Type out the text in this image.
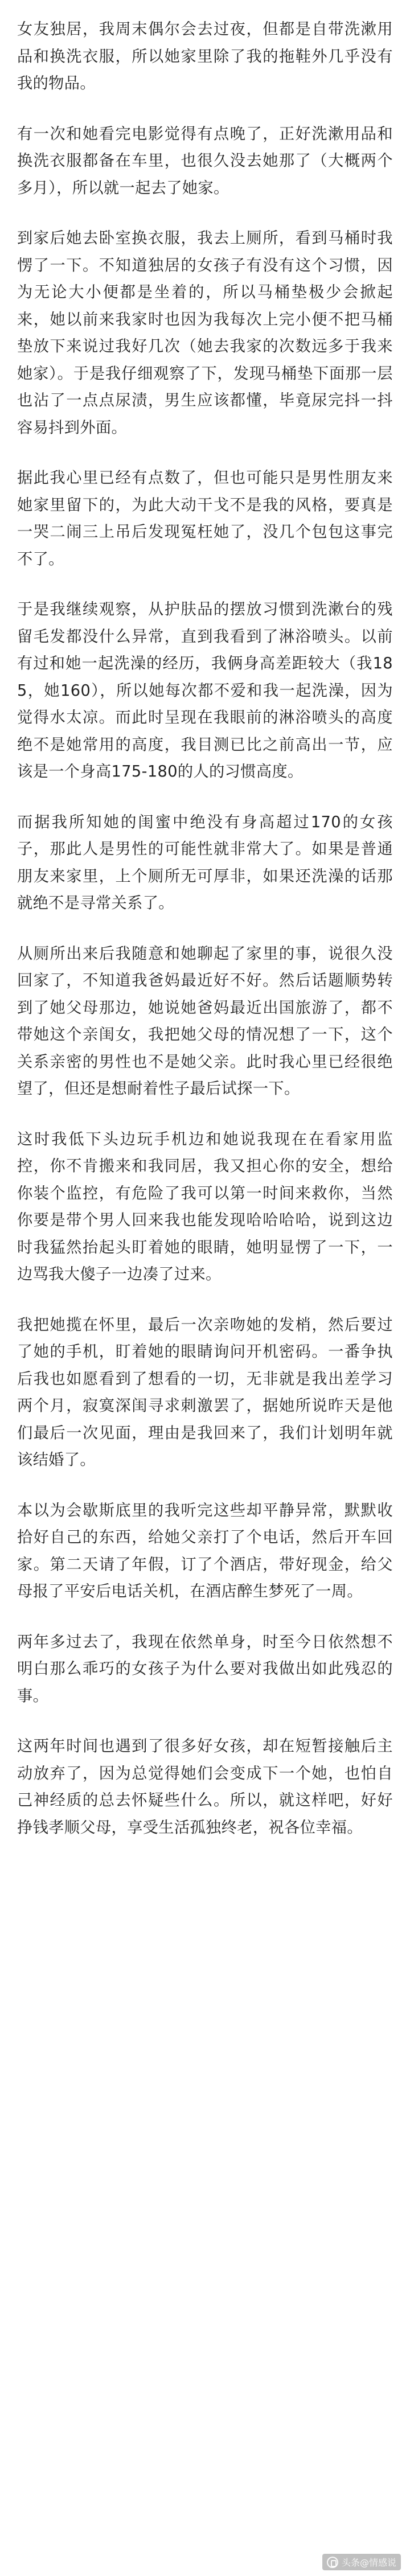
女友独居，我周末偶尔会去过夜，但都是自带洗漱用品和换洗衣服，所以她家里除了我的拖鞋外几乎没有我的物品。
有一次和她看完电影觉得有点晚了，正好洗漱用品和换洗衣服都备在车里，也很久没去她那了（大概两个多月），所以就一起去了她家。
到家后她去卧室换衣服，我去上厕所，看到马桶时我愣了一下。不知道独居的女孩子有没有这个习惯，因为无论大小便都是坐着的，所以马桶垫极少会掀起来，她以前来我家时也因为我每次上完小便不把马桶垫放下来说过我好几次（她去我家的次数远多于我来她家）。于是我仔细观察了下，发现马桶垫下面那一层也沾了一点点尿渍，男生应该都懂，毕竟尿完抖一抖容易抖到外面。
据此我心里已经有点数了，但也可能只是男性朋友来她家里留下的，为此大动干戈不是我的风格，要真是一哭二闹三上吊后发现冤枉她了，没几个包包这事完不了。
于是我继续观察，从护肤品的摆放习惯到洗漱台的残留毛发都没什么异常，直到我看到了淋浴喷头。以前有过和她一起洗澡的经历，我俩身高差距较大（我185，她160），所以她每次都不爱和我一起洗澡，因为觉得水太凉。而此时呈现在我眼前的淋浴喷头的高度绝不是她常用的高度，我目测已比之前高出一节，应该是一个身高175-180的人的习惯高度。
而据我所知她的闺蜜中绝没有身高超过170的女孩子，那此人是男性的可能性就非常大了。如果是普通朋友来家里，上个厕所无可厚非，如果还洗澡的话那就绝不是寻常关系了。
从厕所出来后我随意和她聊起了家里的事，说很久没回家了，不知道我爸妈最近好不好。然后话题顺势转到了她父母那边，她说她爸妈最近出国旅游了，都不带她这个亲闺女，我把她父母的情况想了一下，这个关系亲密的男性也不是她父亲。此时我心里已经很绝望了，但还是想耐着性子最后试探一下。
这时我低下头边玩手机边和她说我现在在看家用监控，你不肯搬来和我同居，我又担心你的安全，想给你装个监控，有危险了我可以第一时间来救你，当然你要是带个男人回来我也能发现哈哈哈哈，说到这边时我猛然抬起头盯着她的眼睛，她明显愣了一下，一边骂我大傻子一边凑了过来。
我把她揽在怀里，最后一次亲吻她的发梢，然后要过了她的手机，盯着她的眼睛询问开机密码。一番争执后我也如愿看到了想看的一切，无非就是我出差学习两个月，寂寞深闺寻求刺激罢了，据她所说昨天是他们最后一次见面，理由是我回来了，我们计划明年就该结婚了。
本以为会歇斯底里的我听完这些却平静异常，默默收拾好自己的东西，给她父亲打了个电话，然后开车回家。第二天请了年假，订了个酒店，带好现金，给父母报了平安后电话关机，在酒店醉生梦死了一周。
两年多过去了，我现在依然单身，时至今日依然想不明白那么乖巧的女孩子为什么要对我做出如此残忍的事。
这两年时间也遇到了很多好女孩，却在短暂接触后主动放弃了，因为总觉得她们会变成下一个她，也怕自己神经质的总去怀疑些什么。所以，就这样吧，好好挣钱孝顺父母，享受生活孤独终老，祝各位幸福。
头条@情感说
